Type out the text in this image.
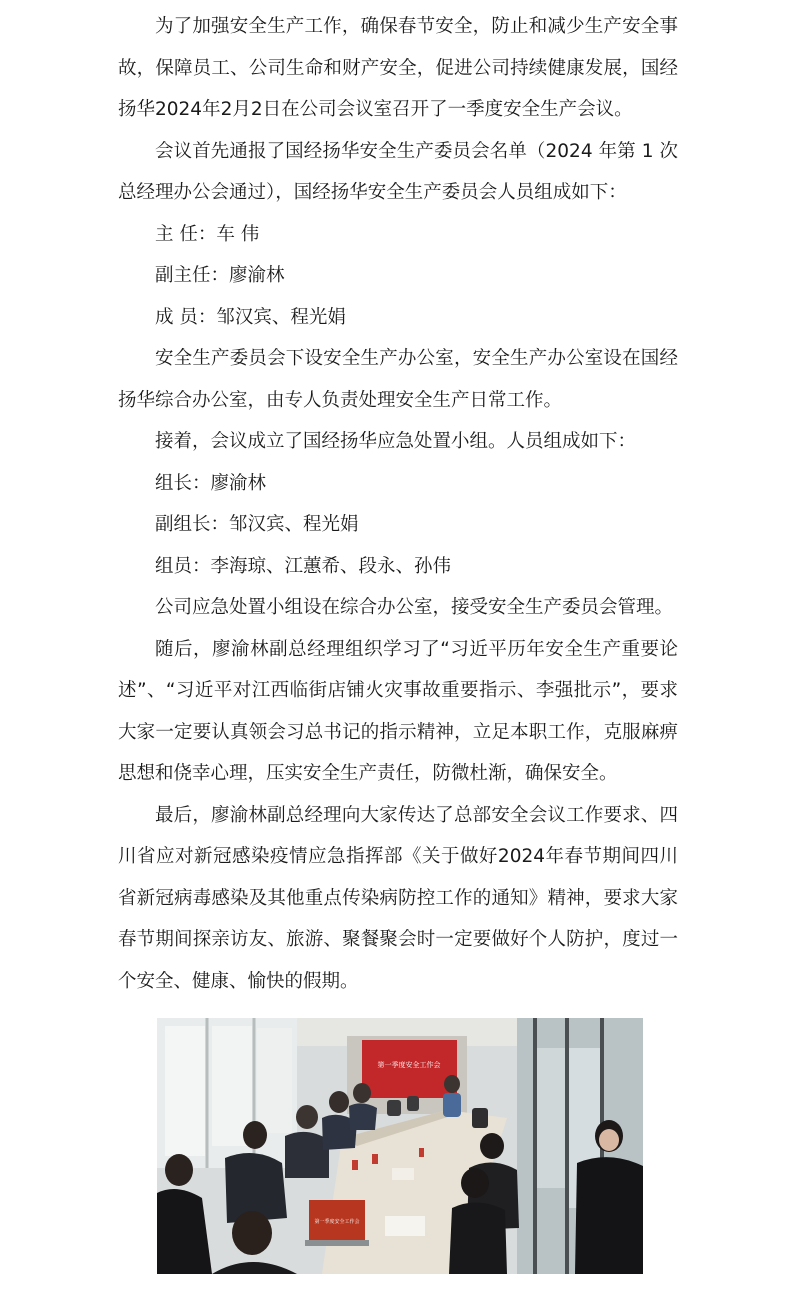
为了加强安全生产工作，确保春节安全，防止和减少生产安全事故，保障员工、公司生命和财产安全，促进公司持续健康发展，国经扬华2024年2月2日在公司会议室召开了一季度安全生产会议。

会议首先通报了国经扬华安全生产委员会名单（2024 年第 1 次总经理办公会通过），国经扬华安全生产委员会人员组成如下：

主 任：车 伟

副主任：廖渝林

成 员：邹汉宾、程光娟

安全生产委员会下设安全生产办公室，安全生产办公室设在国经扬华综合办公室，由专人负责处理安全生产日常工作。

接着，会议成立了国经扬华应急处置小组。人员组成如下：

组长：廖渝林

副组长：邹汉宾、程光娟

组员：李海琼、江蕙希、段永、孙伟

公司应急处置小组设在综合办公室，接受安全生产委员会管理。

随后，廖渝林副总经理组织学习了“习近平历年安全生产重要论述”、“习近平对江西临街店铺火灾事故重要指示、李强批示”，要求大家一定要认真领会习总书记的指示精神，立足本职工作，克服麻痹思想和侥幸心理，压实安全生产责任，防微杜渐，确保安全。

最后，廖渝林副总经理向大家传达了总部安全会议工作要求、四川省应对新冠感染疫情应急指挥部《关于做好2024年春节期间四川省新冠病毒感染及其他重点传染病防控工作的通知》精神，要求大家春节期间探亲访友、旅游、聚餐聚会时一定要做好个人防护，度过一个安全、健康、愉快的假期。

第一季度安全工作会
第一季度安全工作会
